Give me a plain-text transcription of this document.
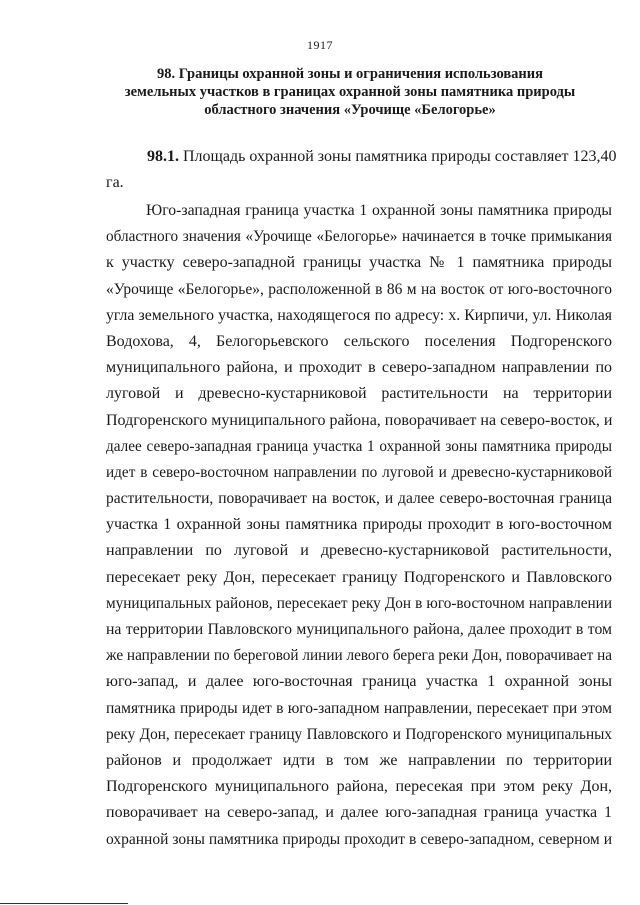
1917
98. Границы охранной зоны и ограничения использования
земельных участков в границах охранной зоны памятника природы
областного значения «Урочище «Белогорье»
98.1. Площадь охранной зоны памятника природы составляет 123,40
га.
Юго-западная граница участка 1 охранной зоны памятника природы
областного значения «Урочище «Белогорье» начинается в точке примыкания
к участку северо-западной границы участка № 1 памятника природы
«Урочище «Белогорье», расположенной в 86 м на восток от юго-восточного
угла земельного участка, находящегося по адресу: х. Кирпичи, ул. Николая
Водохова, 4, Белогорьевского сельского поселения Подгоренского
муниципального района, и проходит в северо-западном направлении по
луговой и древесно-кустарниковой растительности на территории
Подгоренского муниципального района, поворачивает на северо-восток, и
далее северо-западная граница участка 1 охранной зоны памятника природы
идет в северо-восточном направлении по луговой и древесно-кустарниковой
растительности, поворачивает на восток, и далее северо-восточная граница
участка 1 охранной зоны памятника природы проходит в юго-восточном
направлении по луговой и древесно-кустарниковой растительности,
пересекает реку Дон, пересекает границу Подгоренского и Павловского
муниципальных районов, пересекает реку Дон в юго-восточном направлении
на территории Павловского муниципального района, далее проходит в том
же направлении по береговой линии левого берега реки Дон, поворачивает на
юго-запад, и далее юго-восточная граница участка 1 охранной зоны
памятника природы идет в юго-западном направлении, пересекает при этом
реку Дон, пересекает границу Павловского и Подгоренского муниципальных
районов и продолжает идти в том же направлении по территории
Подгоренского муниципального района, пересекая при этом реку Дон,
поворачивает на северо-запад, и далее юго-западная граница участка 1
охранной зоны памятника природы проходит в северо-западном, северном и
